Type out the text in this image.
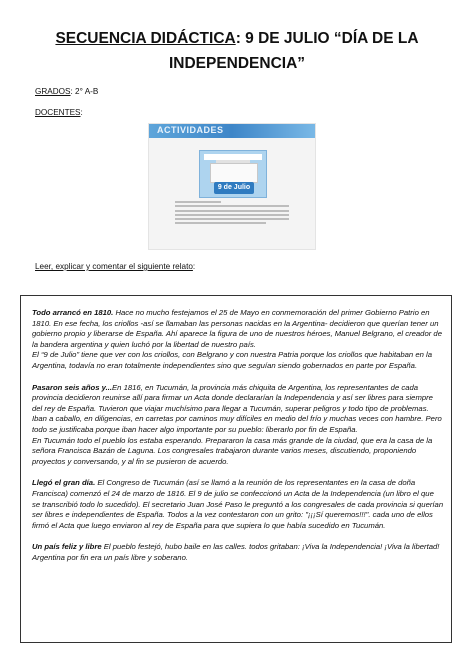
SECUENCIA DIDÁCTICA: 9 DE JULIO “DÍA DE LA
INDEPENDENCIA”
GRADOS: 2° A-B
DOCENTES:
ACTIVIDADES
9 de Julio
Leer, explicar y comentar el siguiente relato:

Todo arrancó en 1810. Hace no mucho festejamos el 25 de Mayo en conmemoración del primer Gobierno Patrio en 1810. En ese fecha, los criollos -así se llamaban las personas nacidas en la Argentina- decidieron que querían tener un gobierno propio y liberarse de España. Ahí aparece la figura de uno de nuestros héroes, Manuel Belgrano, el creador de la bandera argentina y quien luchó por la libertad de nuestro país.

El “9 de Julio” tiene que ver con los criollos, con Belgrano y con nuestra Patria porque los criollos que habitaban en la Argentina, todavía no eran totalmente independientes sino que seguían siendo gobernados en parte por España.

Pasaron seis años y...En 1816, en Tucumán, la provincia más chiquita de Argentina, los representantes de cada provincia decidieron reunirse allí para firmar un Acta donde declararían la Independencia y así ser libres para siempre del rey de España. Tuvieron que viajar muchísimo para llegar a Tucumán, superar peligros y todo tipo de problemas. Iban a caballo, en diligencias, en carretas por caminos muy difíciles en medio del frío y muchas veces con hambre. Pero todo se justificaba porque iban hacer algo importante por su pueblo: liberarlo por fin de España.

En Tucumán todo el pueblo los estaba esperando. Prepararon la casa más grande de la ciudad, que era la casa de la señora Francisca Bazán de Laguna. Los congresales trabajaron durante varios meses, discutiendo, proponiendo proyectos y conversando, y al fin se pusieron de acuerdo.

Llegó el gran día. El Congreso de Tucumán (así se llamó a la reunión de los representantes en la casa de doña Francisca) comenzó el 24 de marzo de 1816. El 9 de julio se confeccionó un Acta de la Independencia (un libro el que se transcribió todo lo sucedido). El secretario Juan José Paso le preguntó a los congresales de cada provincia si querían ser libres e independientes de España. Todos a la vez contestaron con un grito: "¡¡¡Sí queremos!!!". cada uno de ellos firmó el Acta que luego enviaron al rey de España para que supiera lo que había sucedido en Tucumán.

Un país feliz y libre El pueblo festejó, hubo baile en las calles. todos gritaban: ¡Viva la Independencia! ¡Viva la libertad!

Argentina por fin era un país libre y soberano.
